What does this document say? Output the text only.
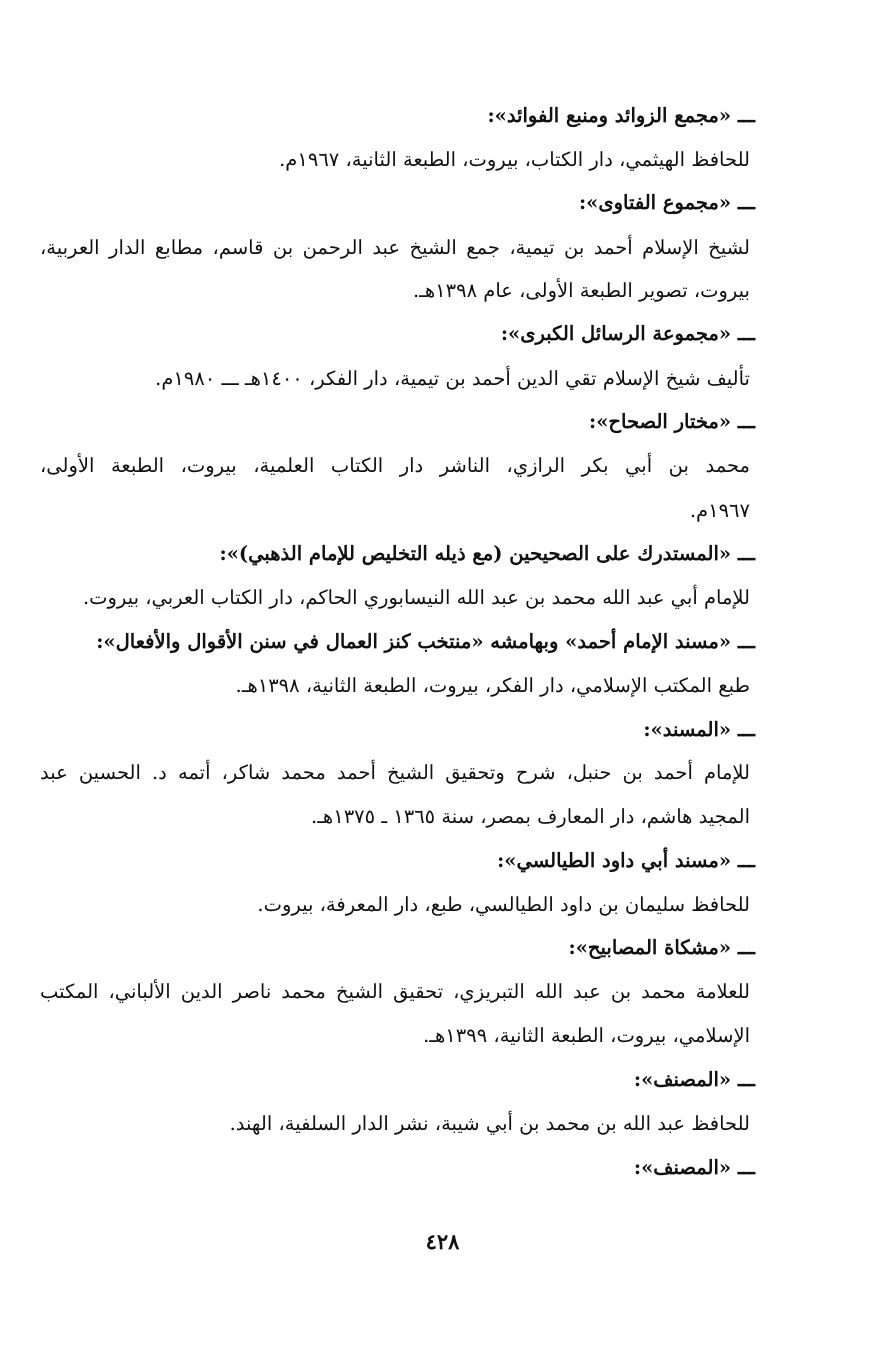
ـــ «مجمع الزوائد ومنبع الفوائد»:
للحافظ الهيثمي، دار الكتاب، بيروت، الطبعة الثانية، ١٩٦٧م.
ـــ «مجموع الفتاوى»:
لشيخ الإسلام أحمد بن تيمية، جمع الشيخ عبد الرحمن بن قاسم، مطابع الدار العربية،
بيروت، تصوير الطبعة الأولى، عام ١٣٩٨هـ.
ـــ «مجموعة الرسائل الكبرى»:
تأليف شيخ الإسلام تقي الدين أحمد بن تيمية، دار الفكر، ١٤٠٠هـ ـــ ١٩٨٠م.
ـــ «مختار الصحاح»:
محمد بن أبي بكر الرازي، الناشر دار الكتاب العلمية، بيروت، الطبعة الأولى،
١٩٦٧م.
ـــ «المستدرك على الصحيحين (مع ذيله التخليص للإمام الذهبي)»:
للإمام أبي عبد الله محمد بن عبد الله النيسابوري الحاكم، دار الكتاب العربي، بيروت.
ـــ «مسند الإمام أحمد» وبهامشه «منتخب كنز العمال في سنن الأقوال والأفعال»:
طبع المكتب الإسلامي، دار الفكر، بيروت، الطبعة الثانية، ١٣٩٨هـ.
ـــ «المسند»:
للإمام أحمد بن حنبل، شرح وتحقيق الشيخ أحمد محمد شاكر، أتمه د. الحسين عبد
المجيد هاشم، دار المعارف بمصر، سنة ١٣٦٥ ـ ١٣٧٥هـ.
ـــ «مسند أبي داود الطيالسي»:
للحافظ سليمان بن داود الطيالسي، طبع، دار المعرفة، بيروت.
ـــ «مشكاة المصابيح»:
للعلامة محمد بن عبد الله التبريزي، تحقيق الشيخ محمد ناصر الدين الألباني، المكتب
الإسلامي، بيروت، الطبعة الثانية، ١٣٩٩هـ.
ـــ «المصنف»:
للحافظ عبد الله بن محمد بن أبي شيبة، نشر الدار السلفية، الهند.
ـــ «المصنف»:
٤٢٨
